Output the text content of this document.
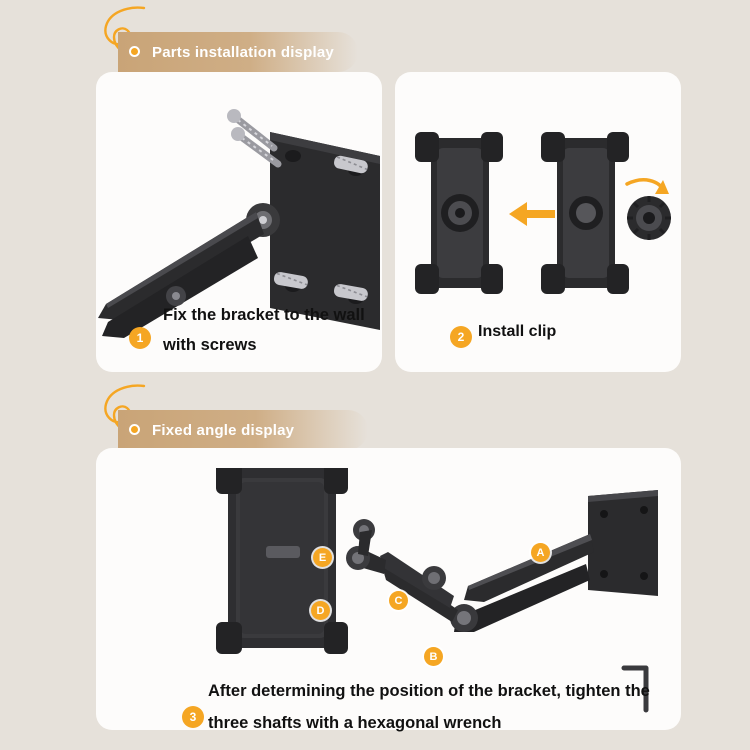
Parts installation display
1
Fix the bracket to the wall with screws	2 Install clip
Fixed angle display
A
B
C
D
E
3
After determining the position of the bracket, tighten the three shafts with a hexagonal wrench
